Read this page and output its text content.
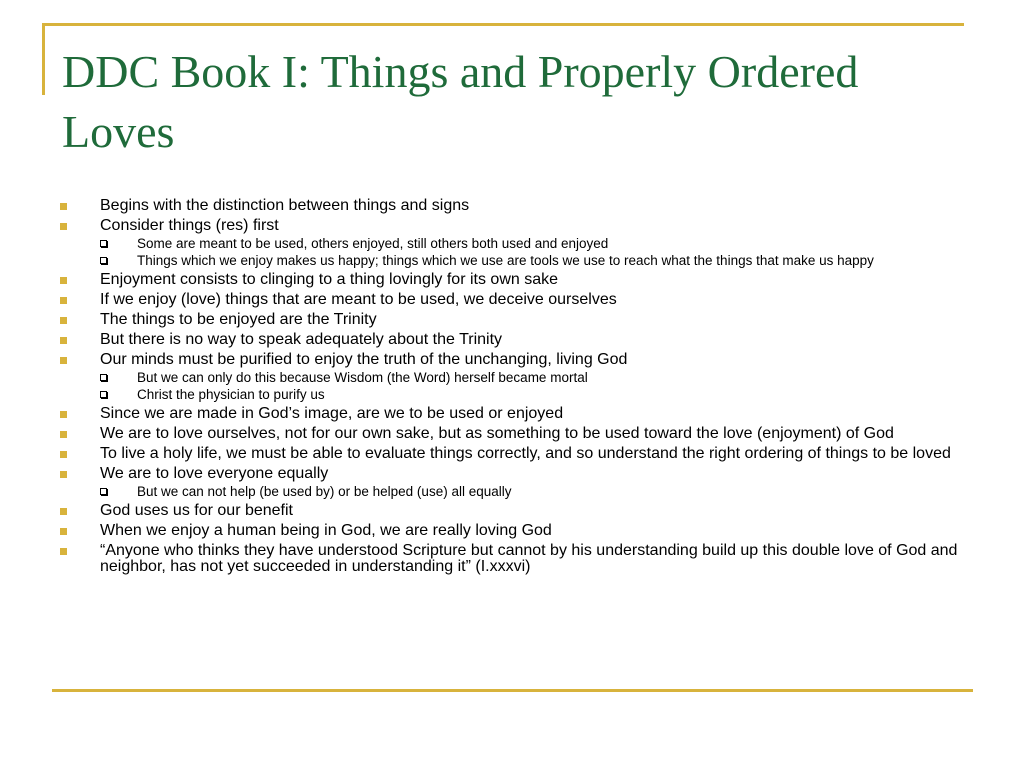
DDC Book I: Things and Properly Ordered Loves
Begins with the distinction between things and signs
Consider things (res) first
Some are meant to be used, others enjoyed, still others both used and enjoyed
Things which we enjoy makes us happy; things which we use are tools we use to reach what the things that make us happy
Enjoyment consists to clinging to a thing lovingly for its own sake
If we enjoy (love) things that are meant to be used, we deceive ourselves
The things to be enjoyed are the Trinity
But there is no way to speak adequately about the Trinity
Our minds must be purified to enjoy the truth of the unchanging, living God
But we can only do this because Wisdom (the Word) herself became mortal
Christ the physician to purify us
Since we are made in God’s image, are we to be used or enjoyed
We are to love ourselves, not for our own sake, but as something to be used toward the love (enjoyment) of God
To live a holy life, we must be able to evaluate things correctly, and so understand the right ordering of things to be loved
We are to love everyone equally
But we can not help (be used by) or be helped (use) all equally
God uses us for our benefit
When we enjoy a human being in God, we are really loving God
“Anyone who thinks they have understood Scripture but cannot by his understanding build up this double love of God and neighbor, has not yet succeeded in understanding it” (I.xxxvi)
